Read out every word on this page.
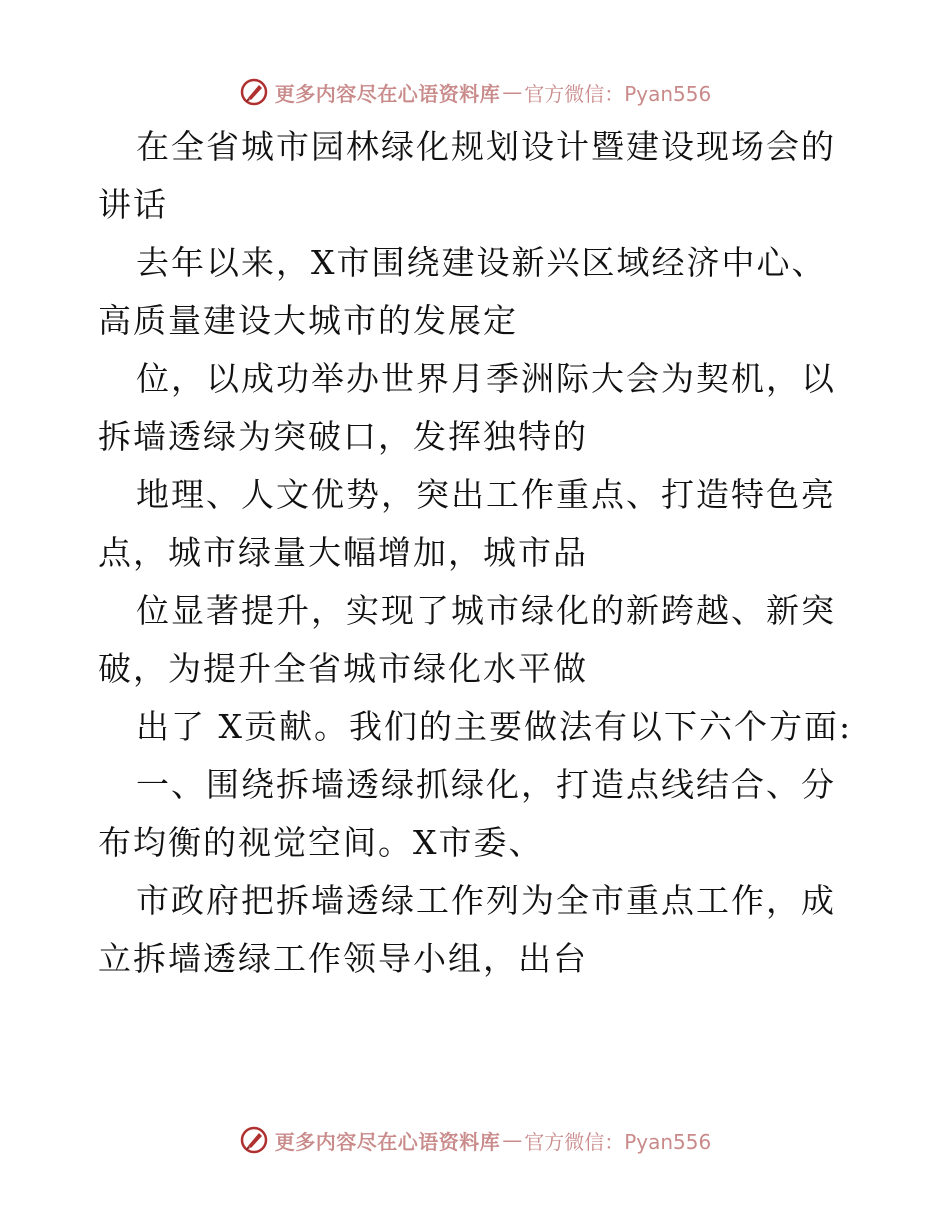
更多内容尽在心语资料库 — 官方微信：Pyan556

在全省城市园林绿化规划设计暨建设现场会的讲话

去年以来，X市围绕建设新兴区域经济中心、高质量建设大城市的发展定

位，以成功举办世界月季洲际大会为契机，以拆墙透绿为突破口，发挥独特的

地理、人文优势，突出工作重点、打造特色亮点，城市绿量大幅增加，城市品

位显著提升，实现了城市绿化的新跨越、新突破，为提升全省城市绿化水平做

出了 X贡献。我们的主要做法有以下六个方面:

一、围绕拆墙透绿抓绿化，打造点线结合、分布均衡的视觉空间。X市委、

市政府把拆墙透绿工作列为全市重点工作，成立拆墙透绿工作领导小组，出台

更多内容尽在心语资料库 — 官方微信：Pyan556
